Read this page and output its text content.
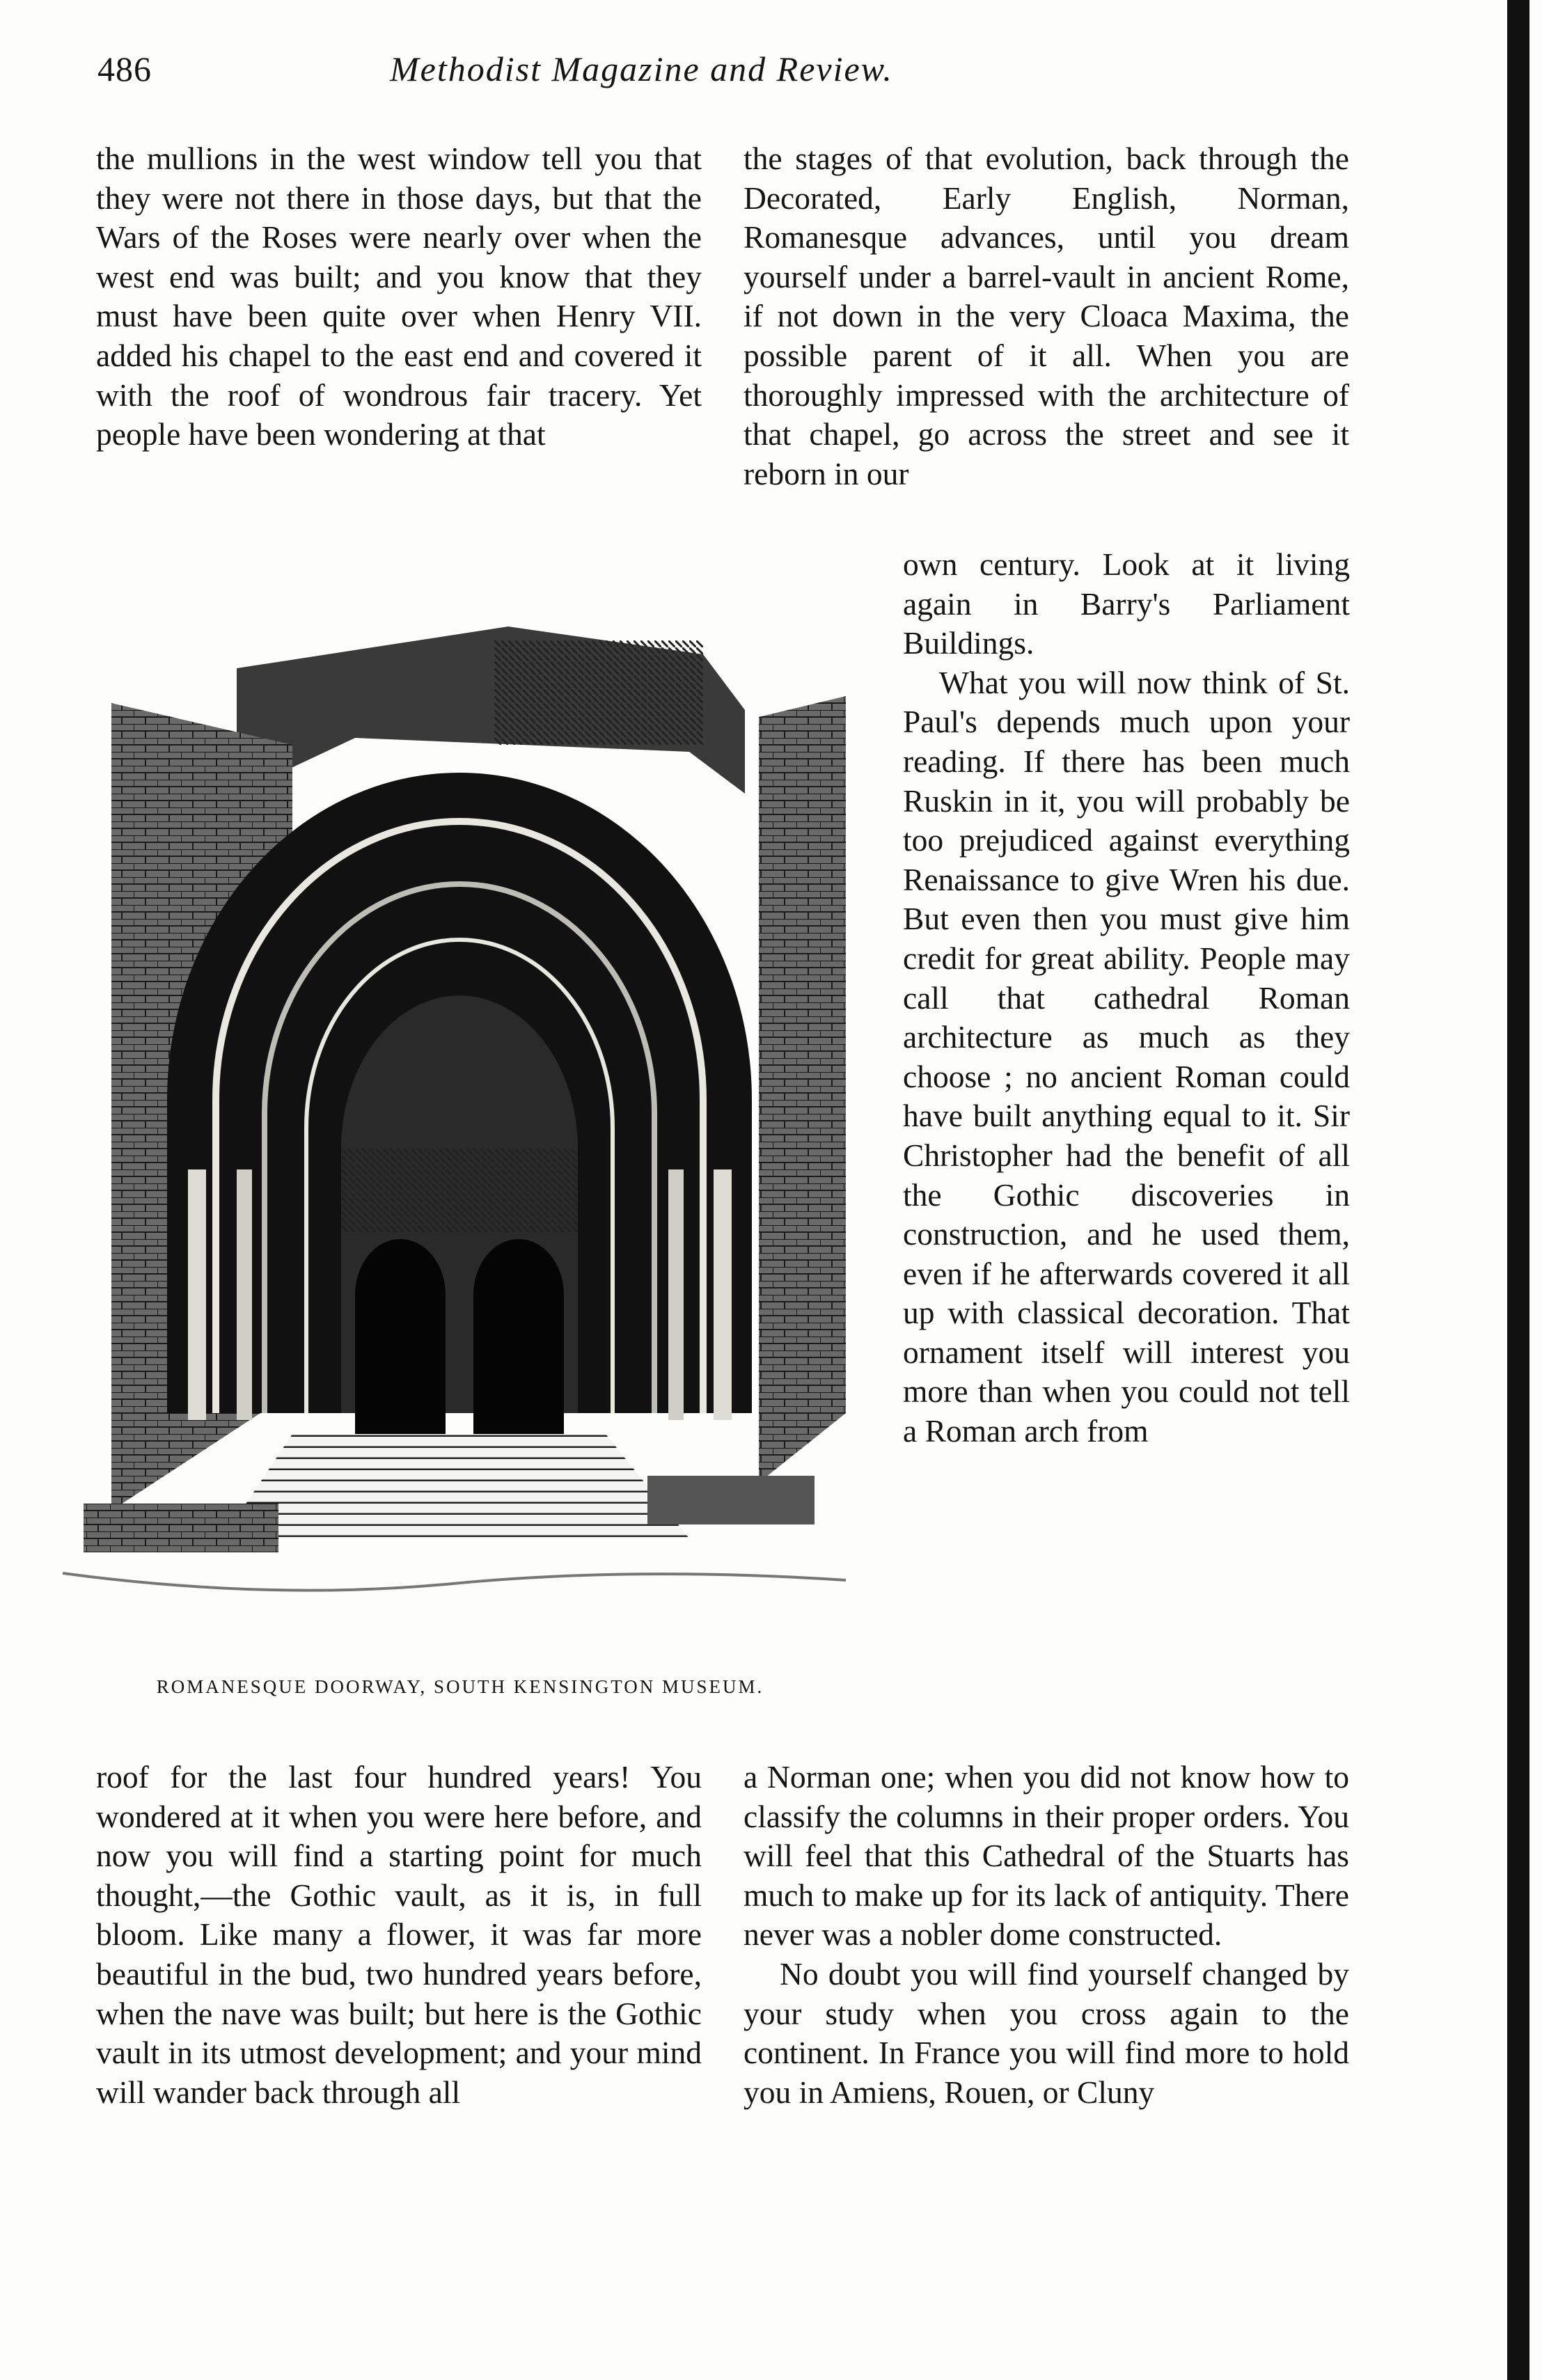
486	Methodist Magazine and Review.

the mullions in the west window tell you that they were not there in those days, but that the Wars of the Roses were nearly over when the west end was built; and you know that they must have been quite over when Henry VII. added his chapel to the east end and covered it with the roof of wondrous fair tracery. Yet people have been wondering at that

the stages of that evolution, back through the Decorated, Early English, Norman, Romanesque advances, until you dream yourself under a barrel-vault in ancient Rome, if not down in the very Cloaca Maxima, the possible parent of it all. When you are thoroughly impressed with the architecture of that chapel, go across the street and see it reborn in our

own century. Look at it living again in Barry's Parliament Buildings.

What you will now think of St. Paul's depends much upon your reading. If there has been much Ruskin in it, you will probably be too prejudiced against everything Renaissance to give Wren his due. But even then you must give him credit for great ability. People may call that cathedral Roman architecture as much as they choose ; no ancient Roman could have built anything equal to it. Sir Christopher had the benefit of all the Gothic discoveries in construction, and he used them, even if he afterwards covered it all up with classical decoration. That ornament itself will interest you more than when you could not tell a Roman arch from

ROMANESQUE DOORWAY, SOUTH KENSINGTON MUSEUM.

roof for the last four hundred years! You wondered at it when you were here before, and now you will find a starting point for much thought,—the Gothic vault, as it is, in full bloom. Like many a flower, it was far more beautiful in the bud, two hundred years before, when the nave was built; but here is the Gothic vault in its utmost development; and your mind will wander back through all

a Norman one; when you did not know how to classify the columns in their proper orders. You will feel that this Cathedral of the Stuarts has much to make up for its lack of antiquity. There never was a nobler dome constructed.

No doubt you will find yourself changed by your study when you cross again to the continent. In France you will find more to hold you in Amiens, Rouen, or Cluny
